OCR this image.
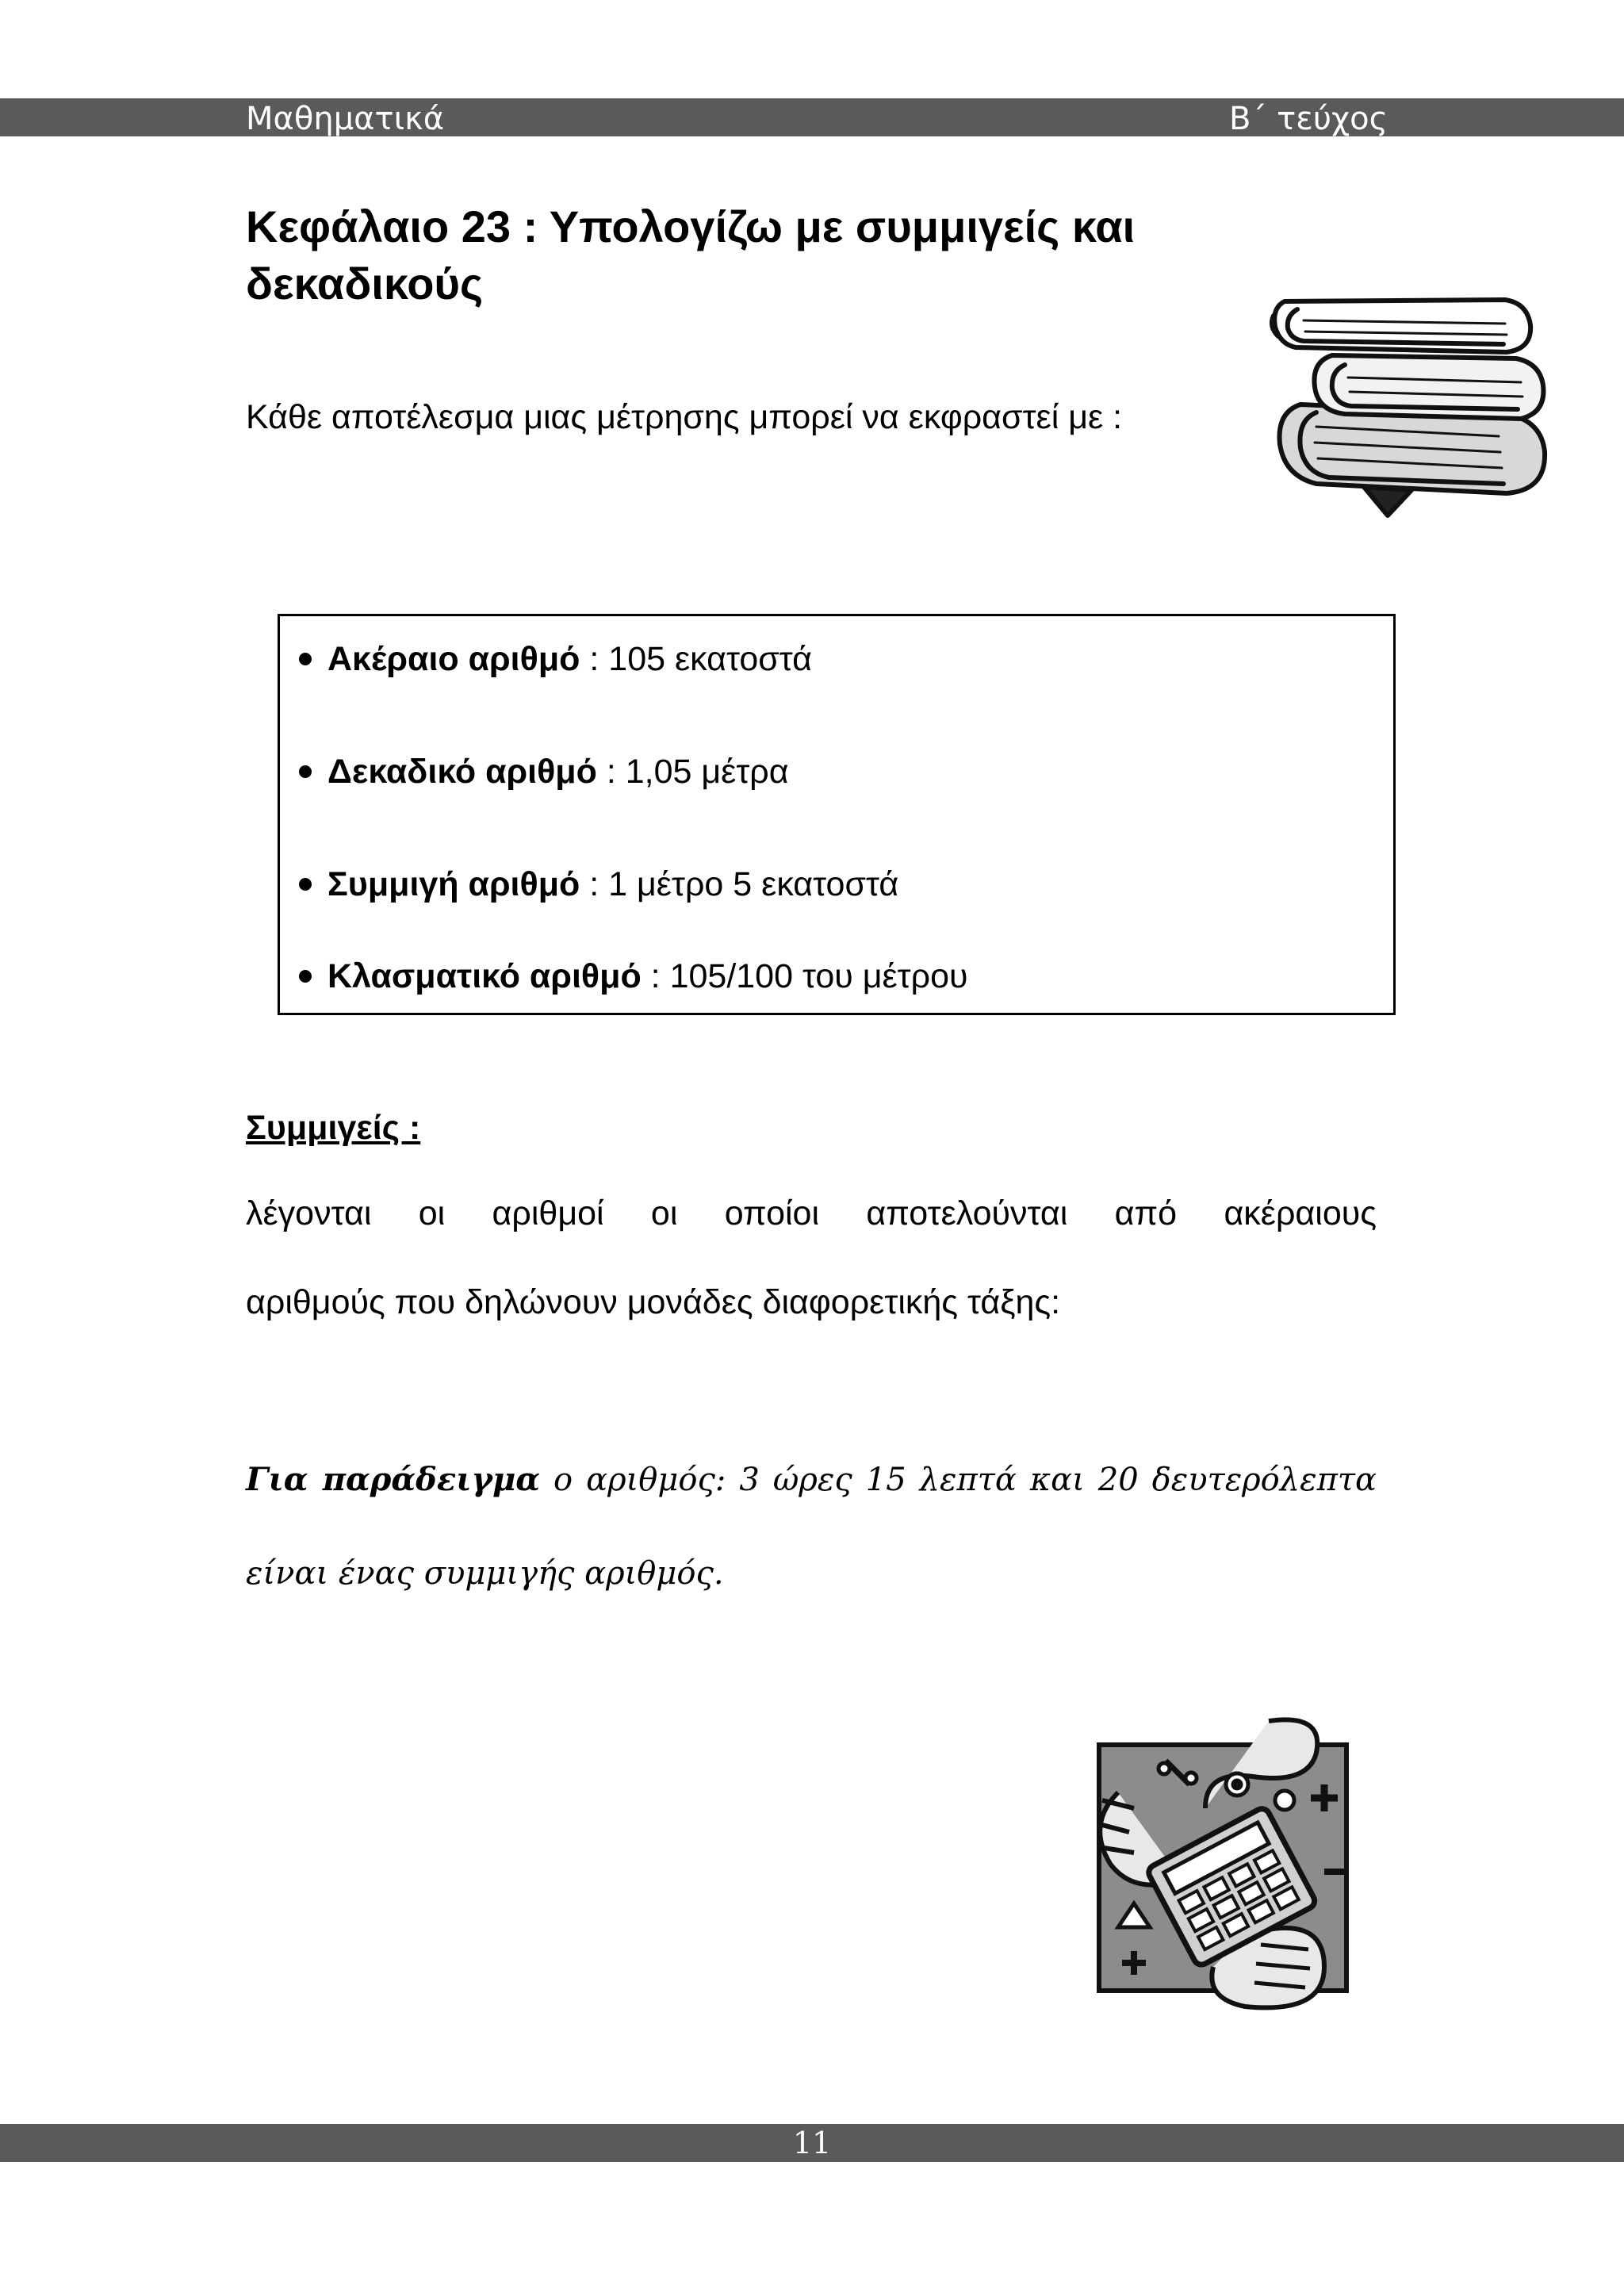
Μαθηματικά	Β΄ τεύχος
Κεφάλαιο 23 : Υπολογίζω με συμμιγείς και δεκαδικούς

Κάθε αποτέλεσμα μιας μέτρησης μπορεί να εκφραστεί με :

Ακέραιο αριθμό : 105 εκατοστά
Δεκαδικό αριθμό : 1,05 μέτρα
Συμμιγή αριθμό : 1 μέτρο 5 εκατοστά
Κλασματικό αριθμό : 105/100 του μέτρου
Συμμιγείς :

λέγονται οι αριθμοί οι οποίοι αποτελούνται από ακέραιους

αριθμούς που δηλώνουν μονάδες διαφορετικής τάξης:

Για παράδειγμα ο αριθμός: 3 ώρες 15 λεπτά και 20 δευτερόλεπτα

είναι ένας συμμιγής αριθμός.

11
